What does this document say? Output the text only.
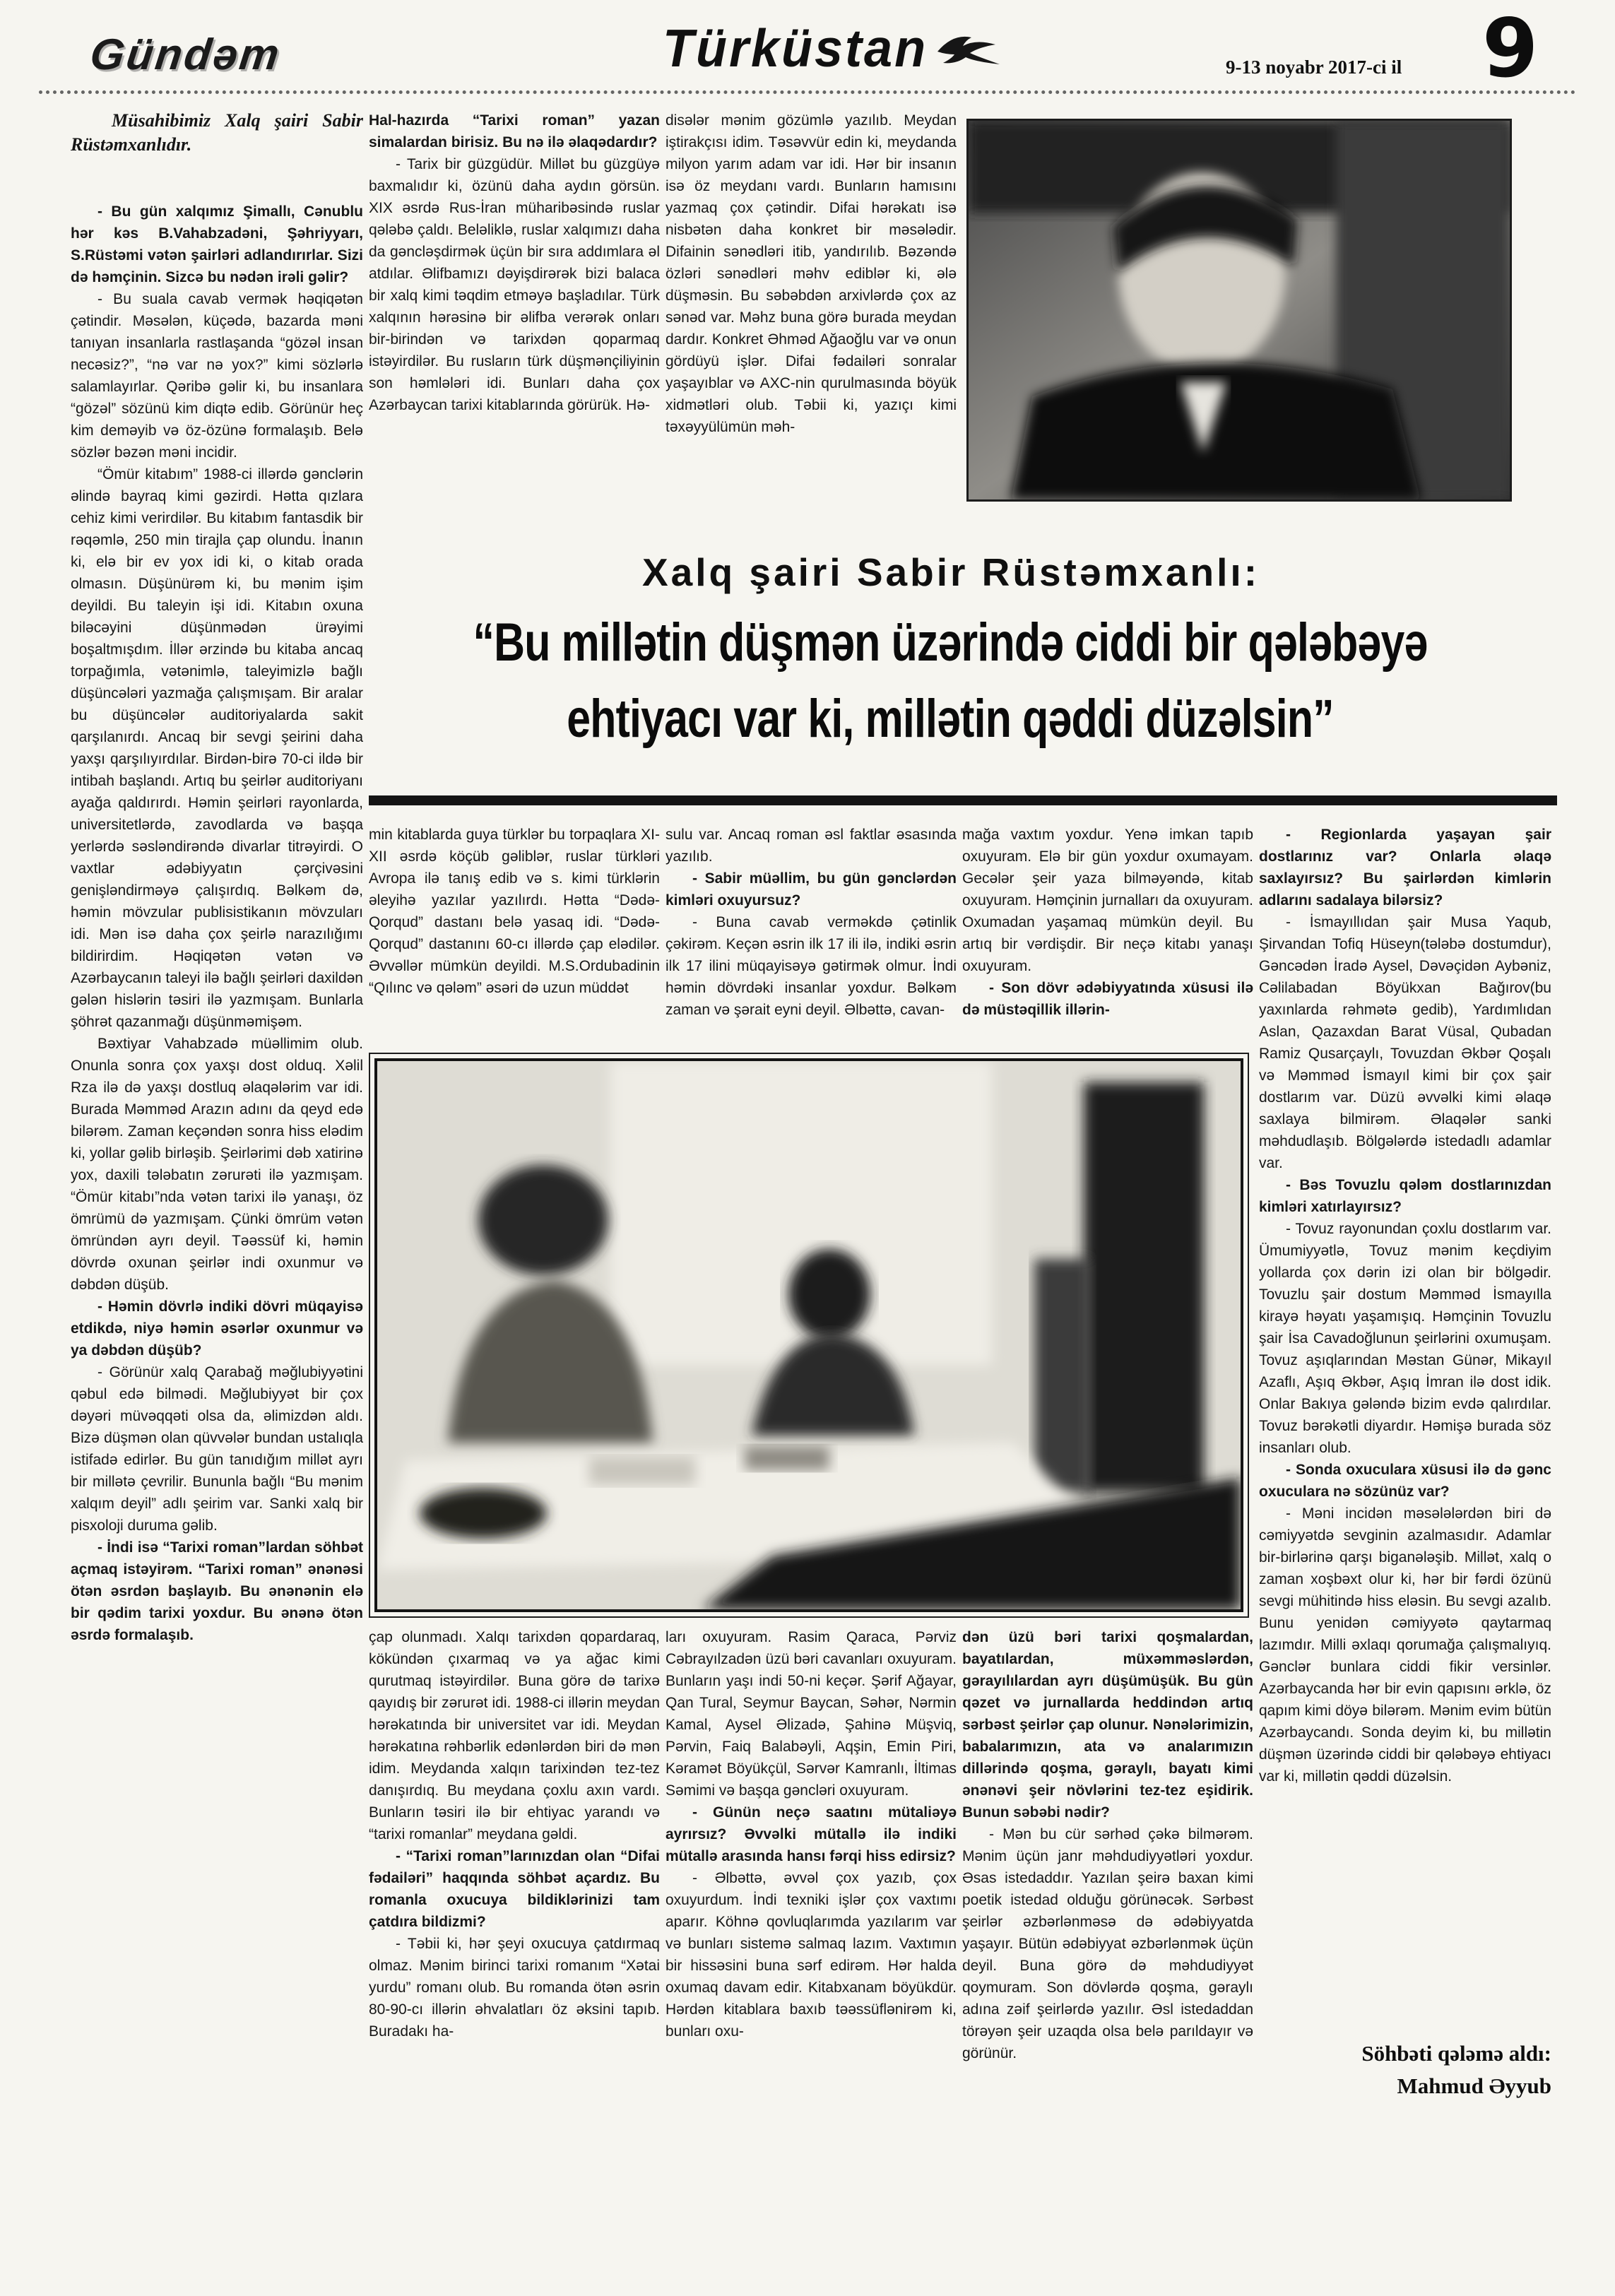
Gündəm	Türküstan	9-13 noyabr 2017-ci il 9

Müsahibimiz Xalq şairi Sabir Rüstəmxanlıdır.

- Bu gün xalqımız Şimallı, Cənublu hər kəs B.Vahabzadəni, Şəhriyyarı, S.Rüstəmi vətən şairləri adlandırırlar. Sizi də həmçinin. Sizcə bu nədən irəli gəlir?

- Bu suala cavab vermək həqiqətən çətindir. Məsələn, küçədə, bazarda məni tanıyan insanlarla rastlaşanda “gözəl insan necəsiz?”, “nə var nə yox?” kimi sözlərlə salamlayırlar. Qəribə gəlir ki, bu insanlara “gözəl” sözünü kim diqtə edib. Görünür heç kim deməyib və öz-özünə formalaşıb. Belə sözlər bəzən məni incidir.

“Ömür kitabım” 1988-ci illərdə gənclərin əlində bayraq kimi gəzirdi. Hətta qızlara cehiz kimi verirdilər. Bu kitabım fantasdik bir rəqəmlə, 250 min tirajla çap olundu. İnanın ki, elə bir ev yox idi ki, o kitab orada olmasın. Düşünürəm ki, bu mənim işim deyildi. Bu taleyin işi idi. Kitabın oxuna biləcəyini düşünmədən ürəyimi boşaltmışdım. İllər ərzində bu kitaba ancaq torpağımla, vətənimlə, taleyimizlə bağlı düşüncələri yazmağa çalışmışam. Bir aralar bu düşüncələr auditoriyalarda sakit qarşılanırdı. Ancaq bir sevgi şeirini daha yaxşı qarşılıyırdılar. Birdən-birə 70-ci ildə bir intibah başlandı. Artıq bu şeirlər auditoriyanı ayağa qaldırırdı. Həmin şeirləri rayonlarda, universitetlərdə, zavodlarda və başqa yerlərdə səsləndirəndə divarlar titrəyirdi. O vaxtlar ədəbiyyatın çərçivəsini genişləndirməyə çalışırdıq. Bəlkəm də, həmin mövzular publisistikanın mövzuları idi. Mən isə daha çox şeirlə narazılığımı bildirirdim. Həqiqətən vətən və Azərbaycanın taleyi ilə bağlı şeirləri daxildən gələn hislərin təsiri ilə yazmışam. Bunlarla şöhrət qazanmağı düşünməmişəm.

Bəxtiyar Vahabzadə müəllimim olub. Onunla sonra çox yaxşı dost olduq. Xəlil Rza ilə də yaxşı dostluq əlaqələrim var idi. Burada Məmməd Arazın adını da qeyd edə bilərəm. Zaman keçəndən sonra hiss elədim ki, yollar gəlib birləşib. Şeirlərimi dəb xatirinə yox, daxili tələbatın zərurəti ilə yazmışam. “Ömür kitabı”nda vətən tarixi ilə yanaşı, öz ömrümü də yazmışam. Çünki ömrüm vətən ömründən ayrı deyil. Təəssüf ki, həmin dövrdə oxunan şeirlər indi oxunmur və dəbdən düşüb.

- Həmin dövrlə indiki dövri müqayisə etdikdə, niyə həmin əsərlər oxunmur və ya dəbdən düşüb?

- Görünür xalq Qarabağ məğlubiyyətini qəbul edə bilmədi. Məğlubiyyət bir çox dəyəri müvəqqəti olsa da, əlimizdən aldı. Bizə düşmən olan qüvvələr bundan ustalıqla istifadə edirlər. Bu gün tanıdığım millət ayrı bir millətə çevrilir. Bununla bağlı “Bu mənim xalqım deyil” adlı şeirim var. Sanki xalq bir pisxoloji duruma gəlib.

- İndi isə “Tarixi roman”lardan söhbət açmaq istəyirəm. “Tarixi roman” ənənəsi ötən əsrdən başlayıb. Bu ənənənin elə bir qədim tarixi yoxdur. Bu ənənə ötən əsrdə formalaşıb.

Hal-hazırda “Tarixi roman” yazan simalardan birisiz. Bu nə ilə əlaqədardır?

- Tarix bir güzgüdür. Millət bu güzgüyə baxmalıdır ki, özünü daha aydın görsün. XIX əsrdə Rus-İran müharibəsində ruslar qələbə çaldı. Beləliklə, ruslar xalqımızı daha da gəncləşdirmək üçün bir sıra addımlara əl atdılar. Əlifbamızı dəyişdirərək bizi balaca bir xalq kimi təqdim etməyə başladılar. Türk xalqının hərəsinə bir əlifba verərək onları bir-birindən və tarixdən qoparmaq istəyirdilər. Bu rusların türk düşmənçiliyinin son həmlələri idi. Bunları daha çox Azərbaycan tarixi kitablarında görürük. Hə-

disələr mənim gözümlə yazılıb. Meydan iştirakçısı idim. Təsəvvür edin ki, meydanda milyon yarım adam var idi. Hər bir insanın isə öz meydanı vardı. Bunların hamısını yazmaq çox çətindir. Difai hərəkatı isə nisbətən daha konkret bir məsələdir. Difainin sənədləri itib, yandırılıb. Bəzəndə özləri sənədləri məhv ediblər ki, ələ düşməsin. Bu səbəbdən arxivlərdə çox az sənəd var. Məhz buna görə burada meydan dardır. Konkret Əhməd Ağaoğlu var və onun gördüyü işlər. Difai fədailəri sonralar yaşayıblar və AXC-nin qurulmasında böyük xidmətləri olub. Təbii ki, yazıçı kimi təxəyyülümün məh-

Xalq şairi Sabir Rüstəmxanlı:
“Bu millətin düşmən üzərində ciddi bir qələbəyə
ehtiyacı var ki, millətin qəddi düzəlsin”

min kitablarda guya türklər bu torpaqlara XI-XII əsrdə köçüb gəliblər, ruslar türkləri Avropa ilə tanış edib və s. kimi türklərin əleyihə yazılar yazılırdı. Hətta “Dədə-Qorqud” dastanı belə yasaq idi. “Dədə-Qorqud” dastanını 60-cı illərdə çap elədilər. Əvvəllər mümkün deyildi. M.S.Ordubadinin “Qılınc və qələm” əsəri də uzun müddət

sulu var. Ancaq roman əsl faktlar əsasında yazılıb.

- Sabir müəllim, bu gün gənclərdən kimləri oxuyursuz?

- Buna cavab verməkdə çətinlik çəkirəm. Keçən əsrin ilk 17 ili ilə, indiki əsrin ilk 17 ilini müqayisəyə gətirmək olmur. İndi həmin dövrdəki insanlar yoxdur. Bəlkəm zaman və şərait eyni deyil. Əlbəttə, cavan-

mağa vaxtım yoxdur. Yenə imkan tapıb oxuyuram. Elə bir gün yoxdur oxumayam. Gecələr şeir yaza bilməyəndə, kitab oxuyuram. Həmçinin jurnalları da oxuyuram. Oxumadan yaşamaq mümkün deyil. Bu artıq bir vərdişdir. Bir neçə kitabı yanaşı oxuyuram.

- Son dövr ədəbiyyatında xüsusi ilə də müstəqillik illərin-

- Regionlarda yaşayan şair dostlarınız var? Onlarla əlaqə saxlayırsız? Bu şairlərdən kimlərin adlarını sadalaya bilərsiz?

- İsmayıllıdan şair Musa Yaqub, Şirvandan Tofiq Hüseyn(tələbə dostumdur), Gəncədən İradə Aysel, Dəvəçidən Aybəniz, Cəlilabadan Böyükxan Bağırov(bu yaxınlarda rəhmətə gedib), Yardımlıdan Aslan, Qazaxdan Barat Vüsal, Qubadan Ramiz Qusarçaylı, Tovuzdan Əkbər Qoşalı və Məmməd İsmayıl kimi bir çox şair dostlarım var. Düzü əvvəlki kimi əlaqə saxlaya bilmirəm. Əlaqələr sanki məhdudlaşıb. Bölgələrdə istedadlı adamlar var.

- Bəs Tovuzlu qələm dostlarınızdan kimləri xatırlayırsız?

- Tovuz rayonundan çoxlu dostlarım var. Ümumiyyətlə, Tovuz mənim keçdiyim yollarda çox dərin izi olan bir bölgədir. Tovuzlu şair dostum Məmməd İsmayılla kirayə həyatı yaşamışıq. Həmçinin Tovuzlu şair İsa Cavadoğlunun şeirlərini oxumuşam. Tovuz aşıqlarından Məstan Günər, Mikayıl Azaflı, Aşıq Əkbər, Aşıq İmran ilə dost idik. Onlar Bakıya gələndə bizim evdə qalırdılar. Tovuz bərəkətli diyardır. Həmişə burada söz insanları olub.

- Sonda oxuculara xüsusi ilə də gənc oxuculara nə sözünüz var?

- Məni incidən məsələlərdən biri də cəmiyyətdə sevginin azalmasıdır. Adamlar bir-birlərinə qarşı biganələşib. Millət, xalq o zaman xoşbəxt olur ki, hər bir fərdi özünü sevgi mühitində hiss eləsin. Bu sevgi azalıb. Bunu yenidən cəmiyyətə qaytarmaq lazımdır. Milli əxlaqı qorumağa çalışmalıyıq. Gənclər bunlara ciddi fikir versinlər. Azərbaycanda hər bir evin qapısını ərklə, öz qapım kimi döyə bilərəm. Mənim evim bütün Azərbaycandı. Sonda deyim ki, bu millətin düşmən üzərində ciddi bir qələbəyə ehtiyacı var ki, millətin qəddi düzəlsin.

çap olunmadı. Xalqı tarixdən qopardaraq, kökündən çıxarmaq və ya ağac kimi qurutmaq istəyirdilər. Buna görə də tarixə qayıdış bir zərurət idi. 1988-ci illərin meydan hərəkatında bir universitet var idi. Meydan hərəkatına rəhbərlik edənlərdən biri də mən idim. Meydanda xalqın tarixindən tez-tez danışırdıq. Bu meydana çoxlu axın vardı. Bunların təsiri ilə bir ehtiyac yarandı və “tarixi romanlar” meydana gəldi.

- “Tarixi roman”larınızdan olan “Difai fədailəri” haqqında söhbət açardız. Bu romanla oxucuya bildiklərinizi tam çatdıra bildizmi?

- Təbii ki, hər şeyi oxucuya çatdırmaq olmaz. Mənim birinci tarixi romanım “Xətai yurdu” romanı olub. Bu romanda ötən əsrin 80-90-cı illərin əhvalatları öz əksini tapıb. Buradakı ha-

ları oxuyuram. Rasim Qaraca, Pərviz Cəbrayılzadən üzü bəri cavanları oxuyuram. Bunların yaşı indi 50-ni keçər. Şərif Ağayar, Qan Tural, Seymur Baycan, Səhər, Nərmin Kamal, Aysel Əlizadə, Şahinə Müşviq, Pərvin, Faiq Balabəyli, Aqşin, Emin Piri, Kəramət Böyükçül, Sərvər Kamranlı, İltimas Səmimi və başqa gəncləri oxuyuram.

- Günün neçə saatını mütaliəyə ayrırsız? Əvvəlki mütallə ilə indiki mütallə arasında hansı fərqi hiss edirsiz?

- Əlbəttə, əvvəl çox yazıb, çox oxuyurdum. İndi texniki işlər çox vaxtımı aparır. Köhnə qovluqlarımda yazılarım var və bunları sistemə salmaq lazım. Vaxtımın bir hissəsini buna sərf edirəm. Hər halda oxumaq davam edir. Kitabxanam böyükdür. Hərdən kitablara baxıb təəssüflənirəm ki, bunları oxu-

dən üzü bəri tarixi qoşmalardan, bayatılardan, müxəmməslərdən, gərayılılardan ayrı düşümüşük. Bu gün qəzet və jurnallarda heddindən artıq sərbəst şeirlər çap olunur. Nənələrimizin, babalarımızın, ata və analarımızın dillərində qoşma, gəraylı, bayatı kimi ənənəvi şeir növlərini tez-tez eşidirik. Bunun səbəbi nədir?

- Mən bu cür sərhəd çəkə bilmərəm. Mənim üçün janr məhdudiyyətləri yoxdur. Əsas istedaddır. Yazılan şeirə baxan kimi poetik istedad olduğu görünəcək. Sərbəst şeirlər əzbərlənməsə də ədəbiyyatda yaşayır. Bütün ədəbiyyat əzbərlənmək üçün deyil. Buna görə də məhdudiyyət qoymuram. Son dövlərdə qoşma, gəraylı adına zəif şeirlərdə yazılır. Əsl istedaddan törəyən şeir uzaqda olsa belə parıldayır və görünür.	Söhbəti qələmə aldı:
Mahmud Əyyub
